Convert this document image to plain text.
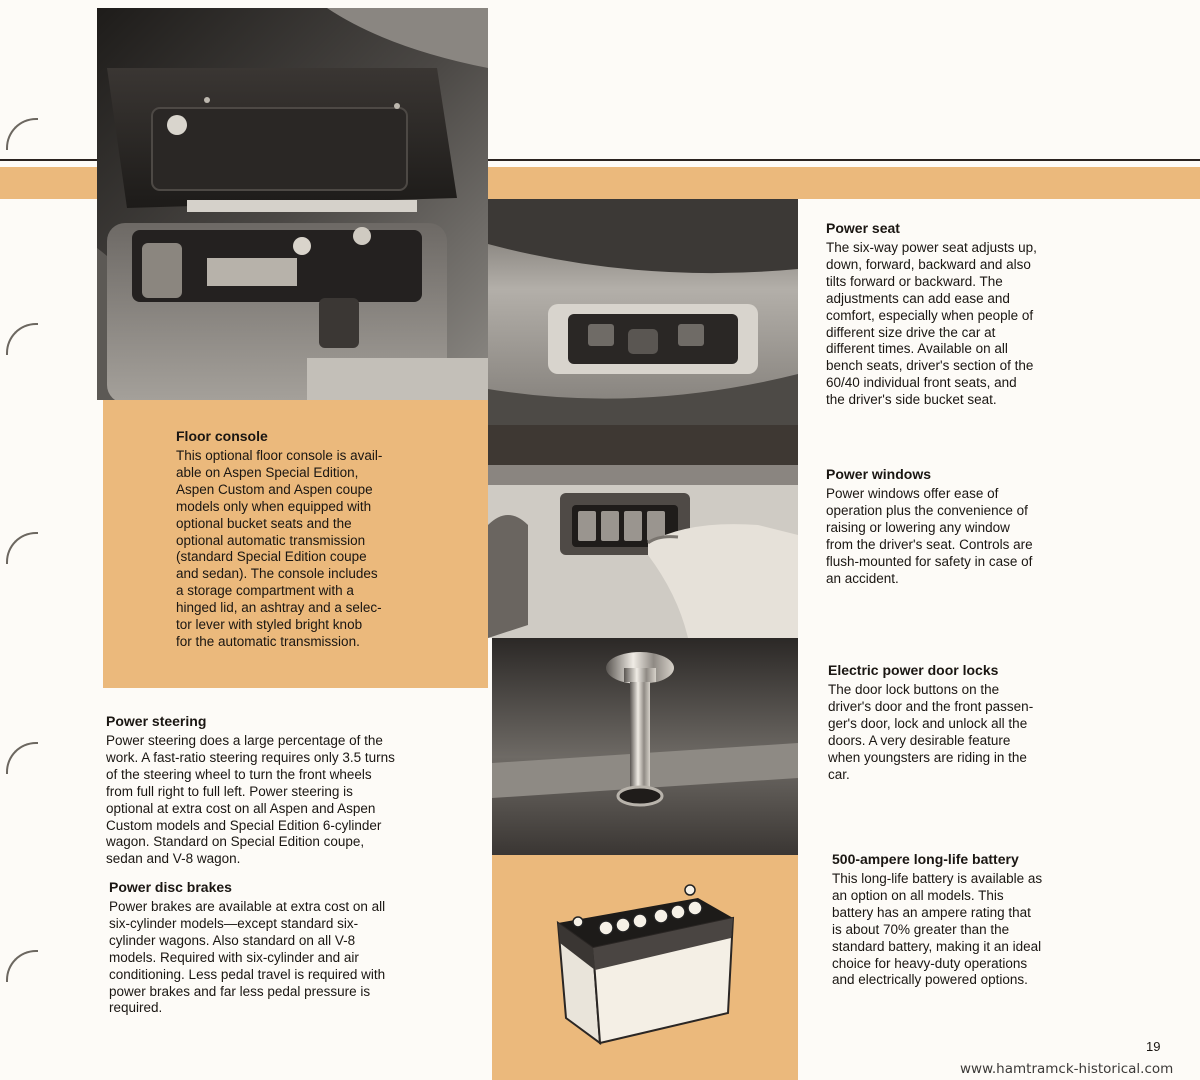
Floor console
This optional floor console is avail-
able on Aspen Special Edition,
Aspen Custom and Aspen coupe
models only when equipped with
optional bucket seats and the
optional automatic transmission
(standard Special Edition coupe
and sedan). The console includes
a storage compartment with a
hinged lid, an ashtray and a selec-
tor lever with styled bright knob
for the automatic transmission.
Power steering
Power steering does a large percentage of the
work. A fast-ratio steering requires only 3.5 turns
of the steering wheel to turn the front wheels
from full right to full left. Power steering is
optional at extra cost on all Aspen and Aspen
Custom models and Special Edition 6-cylinder
wagon. Standard on Special Edition coupe,
sedan and V-8 wagon.
Power disc brakes
Power brakes are available at extra cost on all
six-cylinder models—except standard six-
cylinder wagons. Also standard on all V-8
models. Required with six-cylinder and air
conditioning. Less pedal travel is required with
power brakes and far less pedal pressure is
required.
Power seat
The six-way power seat adjusts up,
down, forward, backward and also
tilts forward or backward. The
adjustments can add ease and
comfort, especially when people of
different size drive the car at
different times. Available on all
bench seats, driver's section of the
60/40 individual front seats, and
the driver's side bucket seat.
Power windows
Power windows offer ease of
operation plus the convenience of
raising or lowering any window
from the driver's seat. Controls are
flush-mounted for safety in case of
an accident.
Electric power door locks
The door lock buttons on the
driver's door and the front passen-
ger's door, lock and unlock all the
doors. A very desirable feature
when youngsters are riding in the
car.
500-ampere long-life battery
This long-life battery is available as
an option on all models. This
battery has an ampere rating that
is about 70% greater than the
standard battery, making it an ideal
choice for heavy-duty operations
and electrically powered options.
19
www.hamtramck-historical.com
